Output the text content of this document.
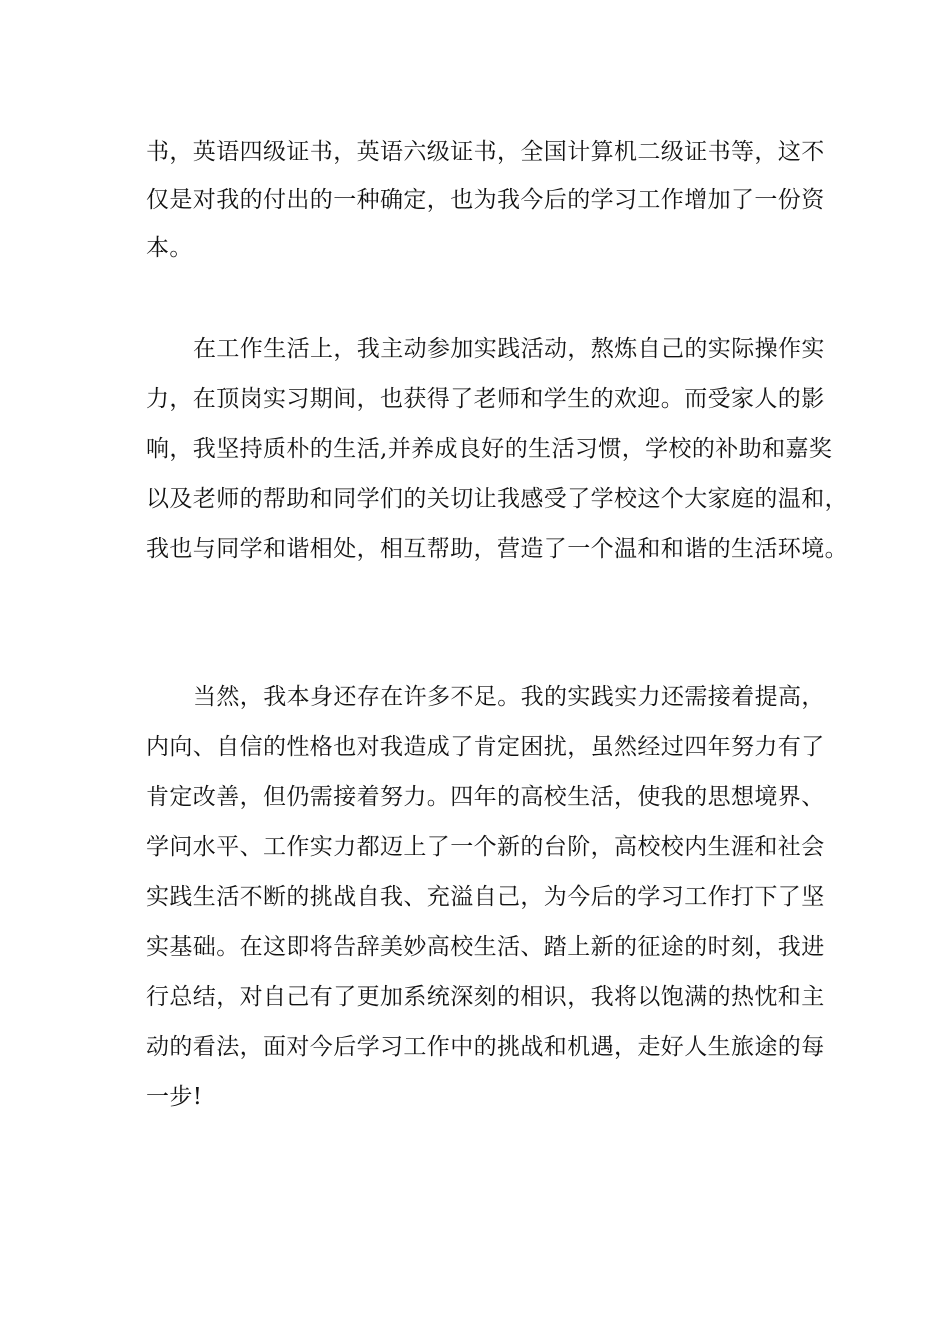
书，英语四级证书，英语六级证书，全国计算机二级证书等，这不
仅是对我的付出的一种确定，也为我今后的学习工作增加了一份资
本。
在工作生活上，我主动参加实践活动，熬炼自己的实际操作实
力，在顶岗实习期间，也获得了老师和学生的欢迎。而受家人的影
响，我坚持质朴的生活,并养成良好的生活习惯，学校的补助和嘉奖
以及老师的帮助和同学们的关切让我感受了学校这个大家庭的温和，
我也与同学和谐相处，相互帮助，营造了一个温和和谐的生活环境。
当然，我本身还存在许多不足。我的实践实力还需接着提高，
内向、自信的性格也对我造成了肯定困扰，虽然经过四年努力有了
肯定改善，但仍需接着努力。四年的高校生活，使我的思想境界、
学问水平、工作实力都迈上了一个新的台阶，高校校内生涯和社会
实践生活不断的挑战自我、充溢自己，为今后的学习工作打下了坚
实基础。在这即将告辞美妙高校生活、踏上新的征途的时刻，我进
行总结，对自己有了更加系统深刻的相识，我将以饱满的热忱和主
动的看法，面对今后学习工作中的挑战和机遇，走好人生旅途的每
一步!
